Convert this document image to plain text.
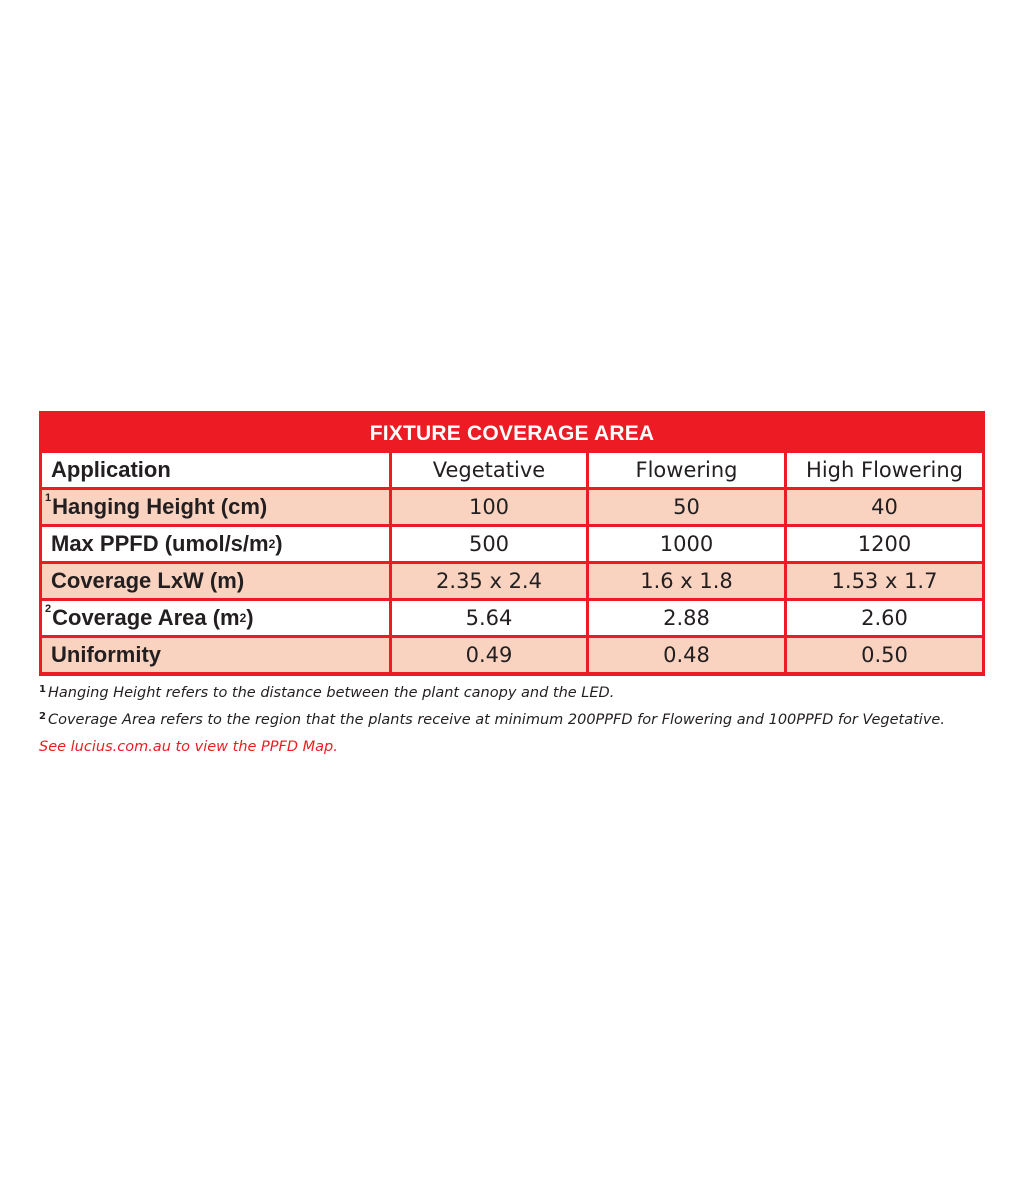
FIXTURE COVERAGE AREA
Application	Vegetative	Flowering	High Flowering
1 Hanging Height (cm)	100	50	40
Max PPFD (umol/s/m 2 )	500	1000	1200
Coverage LxW (m)	2.35 x 2.4	1.6 x 1.8	1.53 x 1.7
2 Coverage Area (m 2 )	5.64	2.88	2.60
Uniformity	0.49	0.48	0.50
$^1$ Hanging Height refers to the distance between the plant canopy and the LED.
$^2$ Coverage Area refers to the region that the plants receive at minimum 200PPFD for Flowering and 100PPFD for Vegetative.
See lucius.com.au to view the PPFD Map.
